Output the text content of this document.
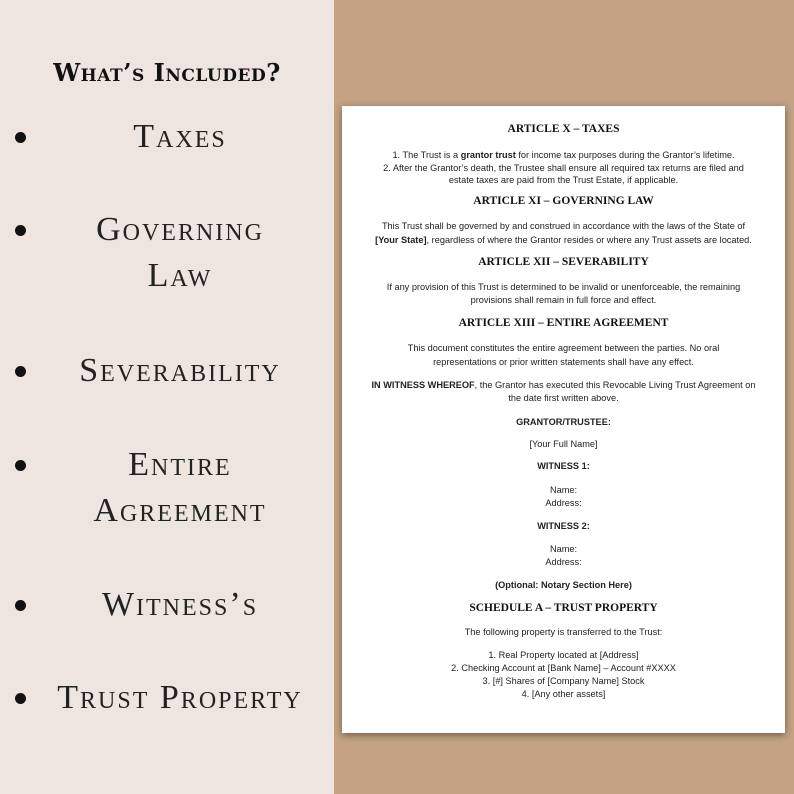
What’s Included?
Taxes
Governing
Law
Severability
Entire
Agreement
Witness’s
Trust Property
ARTICLE X – TAXES
1. The Trust is a grantor trust for income tax purposes during the Grantor’s lifetime.
2. After the Grantor’s death, the Trustee shall ensure all required tax returns are filed and
estate taxes are paid from the Trust Estate, if applicable.
ARTICLE XI – GOVERNING LAW
This Trust shall be governed by and construed in accordance with the laws of the State of
[Your State], regardless of where the Grantor resides or where any Trust assets are located.
ARTICLE XII – SEVERABILITY
If any provision of this Trust is determined to be invalid or unenforceable, the remaining
provisions shall remain in full force and effect.
ARTICLE XIII – ENTIRE AGREEMENT
This document constitutes the entire agreement between the parties. No oral
representations or prior written statements shall have any effect.
IN WITNESS WHEREOF, the Grantor has executed this Revocable Living Trust Agreement on
the date first written above.
GRANTOR/TRUSTEE:
[Your Full Name]
WITNESS 1:
Name:
Address:
WITNESS 2:
Name:
Address:
(Optional: Notary Section Here)
SCHEDULE A – TRUST PROPERTY
The following property is transferred to the Trust:
1. Real Property located at [Address]
2. Checking Account at [Bank Name] – Account #XXXX
3. [#] Shares of [Company Name] Stock
4. [Any other assets]
